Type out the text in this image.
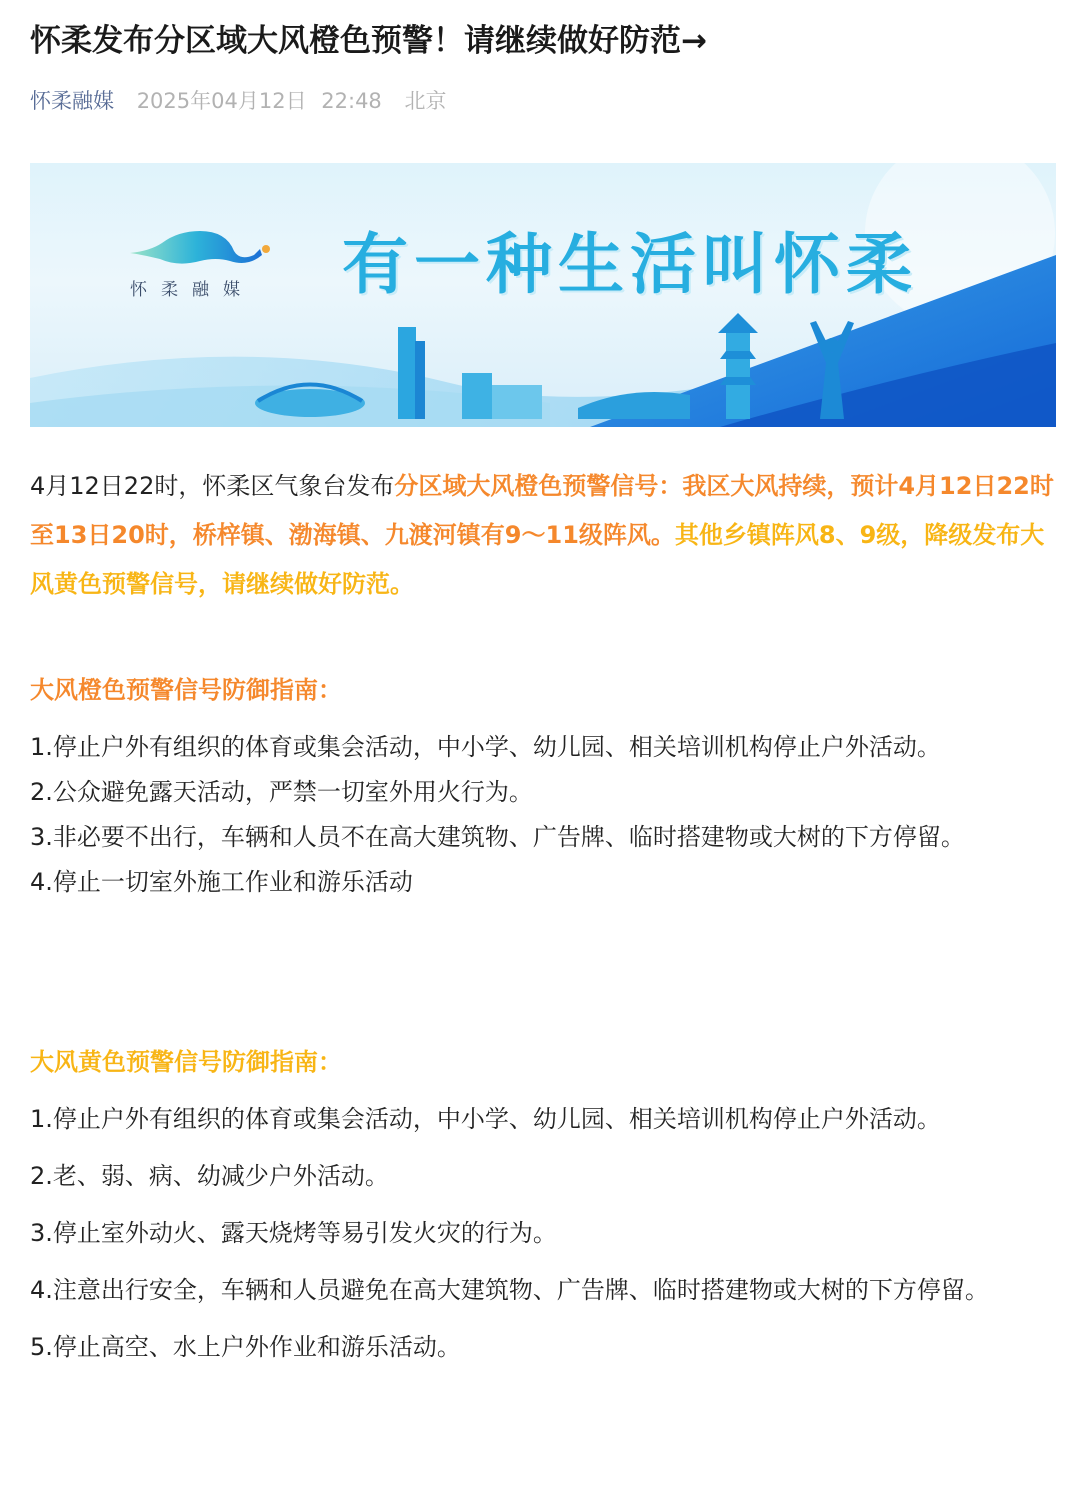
怀柔发布分区域大风橙色预警！请继续做好防范→
怀柔融媒 2025年04月12日 22:48 北京
怀柔融媒 有一种生活叫怀柔

4月12日22时，怀柔区气象台发布分区域大风橙色预警信号：我区大风持续，预计4月12日22时至13日20时，桥梓镇、渤海镇、九渡河镇有9～11级阵风。其他乡镇阵风8、9级，降级发布大风黄色预警信号，请继续做好防范。

大风橙色预警信号防御指南：
1.停止户外有组织的体育或集会活动，中小学、幼儿园、相关培训机构停止户外活动。
2.公众避免露天活动，严禁一切室外用火行为。
3.非必要不出行，车辆和人员不在高大建筑物、广告牌、临时搭建物或大树的下方停留。
4.停止一切室外施工作业和游乐活动
大风黄色预警信号防御指南：
1.停止户外有组织的体育或集会活动，中小学、幼儿园、相关培训机构停止户外活动。
2.老、弱、病、幼减少户外活动。
3.停止室外动火、露天烧烤等易引发火灾的行为。
4.注意出行安全，车辆和人员避免在高大建筑物、广告牌、临时搭建物或大树的下方停留。
5.停止高空、水上户外作业和游乐活动。
